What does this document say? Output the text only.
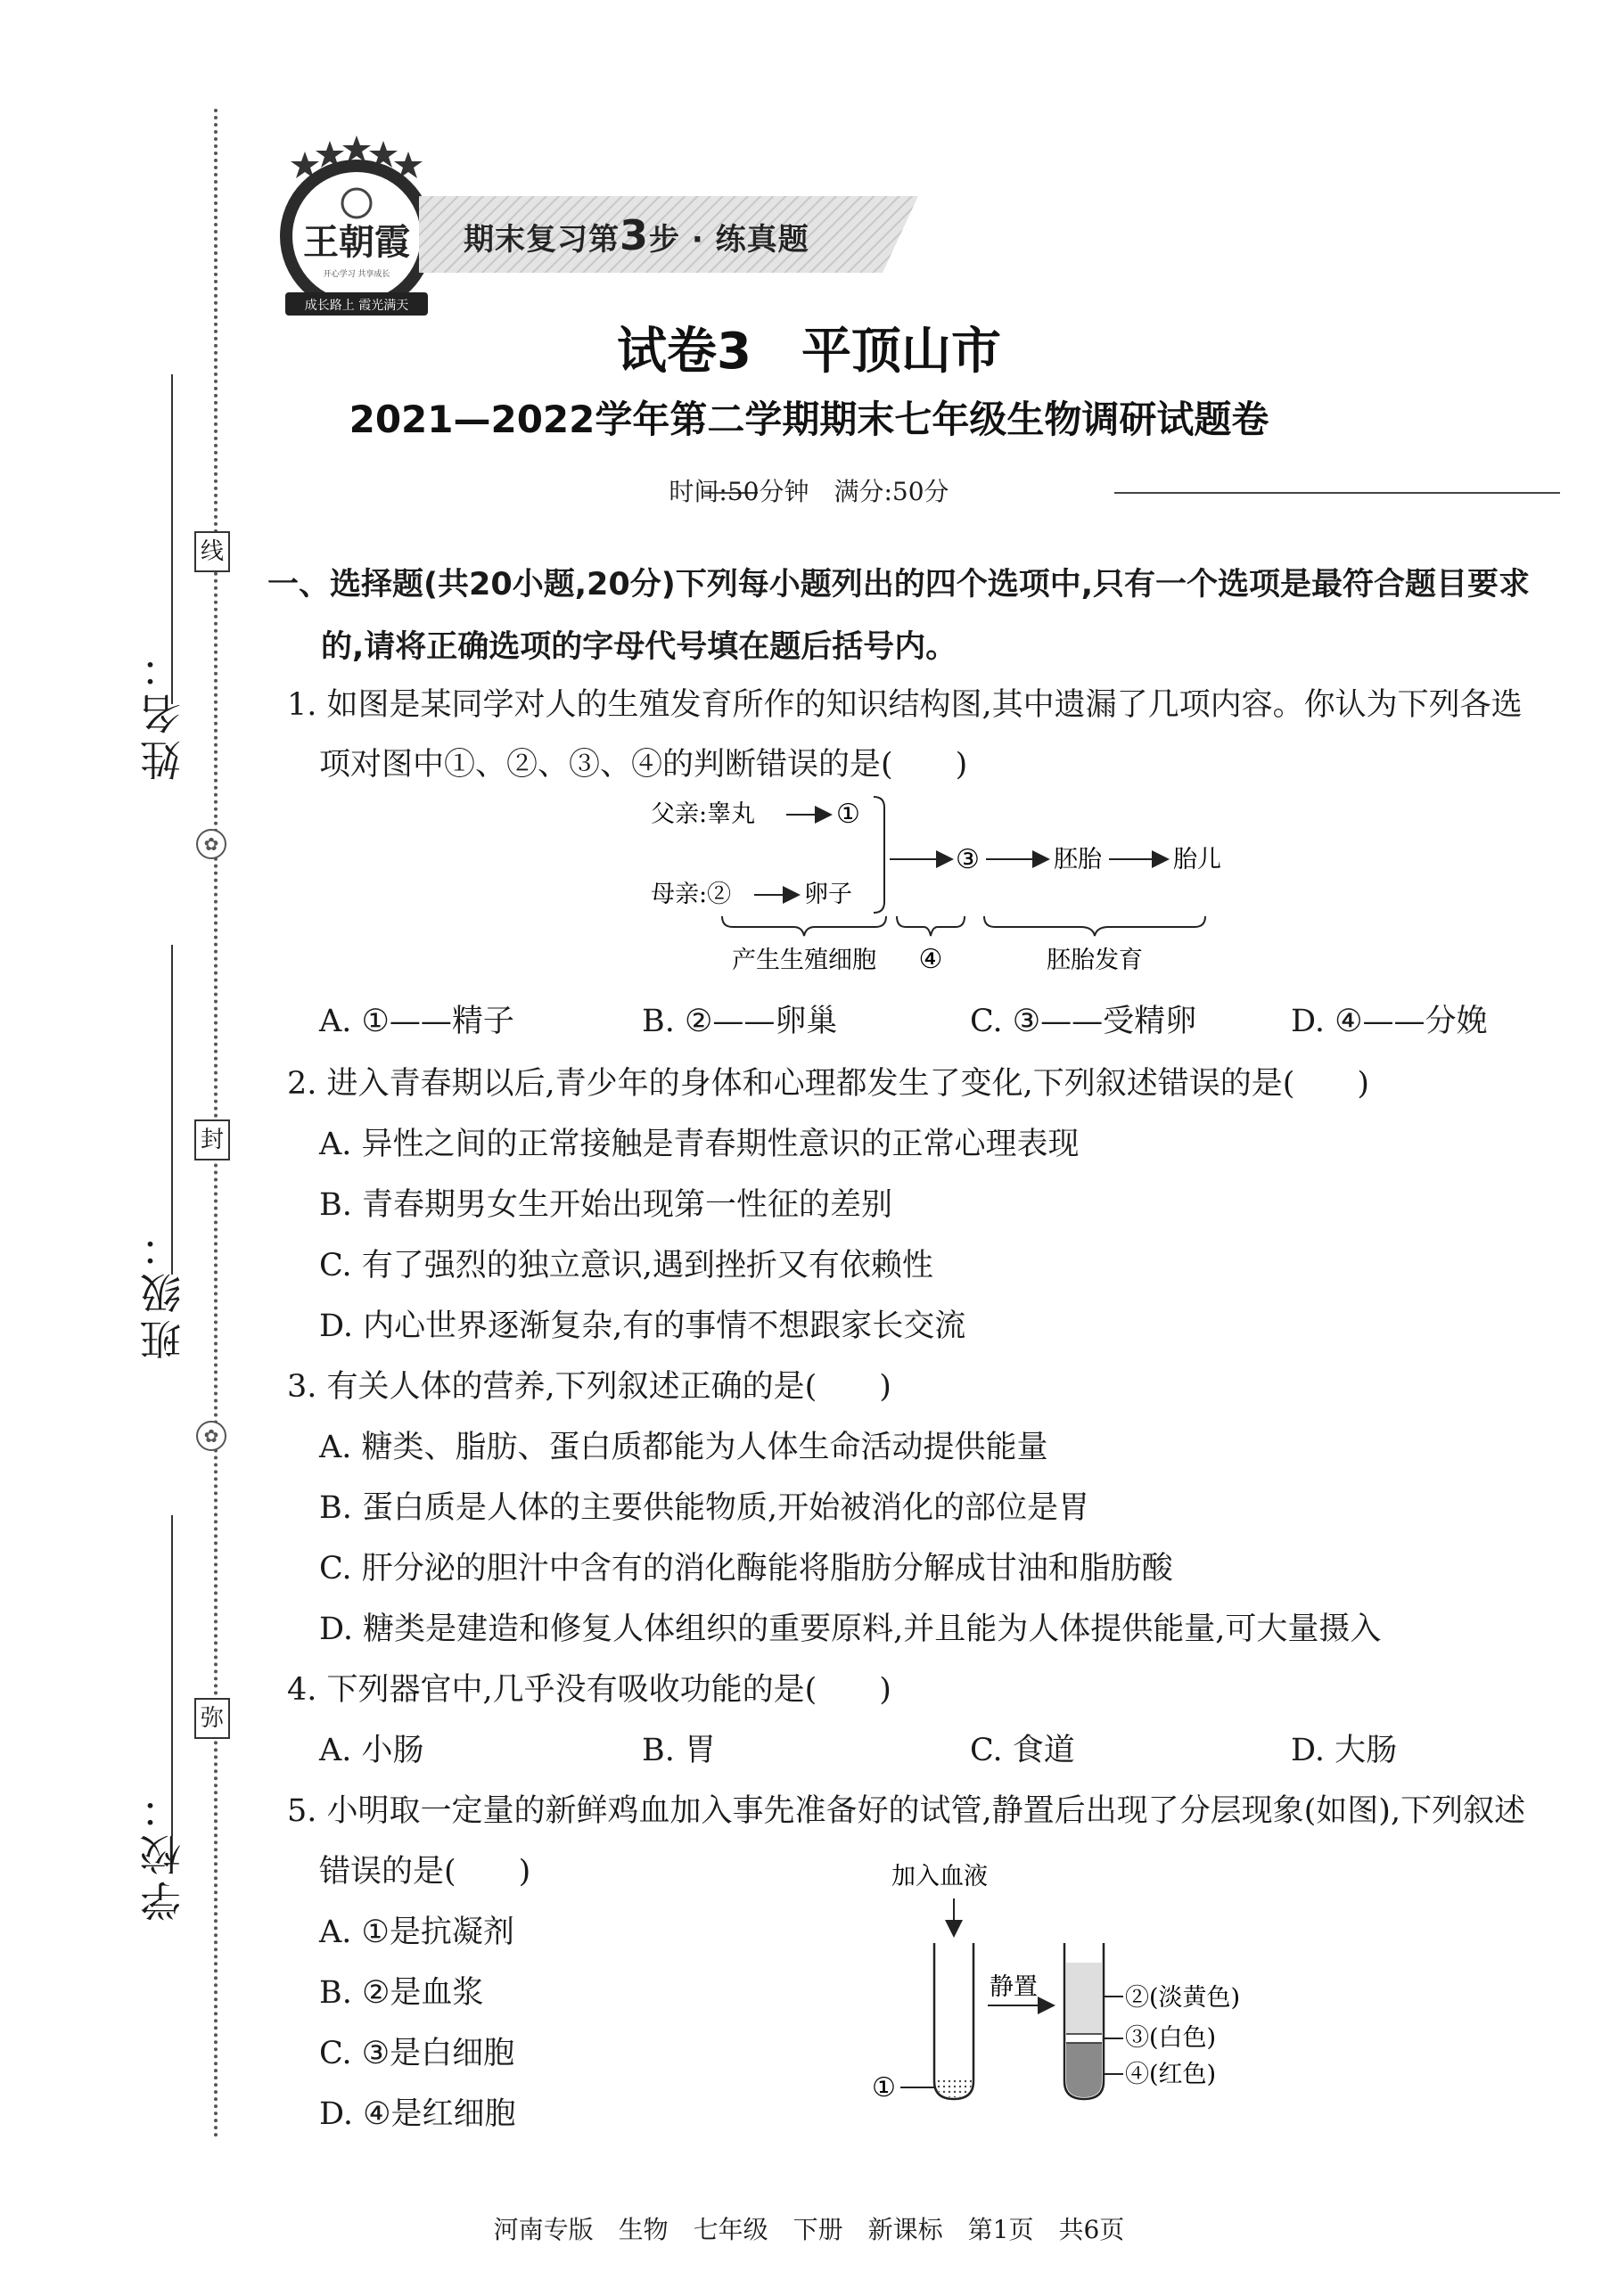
姓名：
班级：
学校：
线
封
弥
✿
✿
王朝霞
开心学习 共享成长
成长路上 霞光满天
期末复习第3步 · 练真题
试卷3　平顶山市
2021—2022学年第二学期期末七年级生物调研试题卷
时间:50分钟　满分:50分
一、选择题(共20小题,20分)下列每小题列出的四个选项中,只有一个选项是最符合题目要求
的,请将正确选项的字母代号填在题后括号内。
1. 如图是某同学对人的生殖发育所作的知识结构图,其中遗漏了几项内容。你认为下列各选
项对图中①、②、③、④的判断错误的是(　　)
父亲:睾丸	①
母亲:②	卵子
③	胚胎	胎儿
产生生殖细胞 ④	胚胎发育
A. ①——精子	B. ②——卵巢	C. ③——受精卵	D. ④——分娩
2. 进入青春期以后,青少年的身体和心理都发生了变化,下列叙述错误的是(　　)
A. 异性之间的正常接触是青春期性意识的正常心理表现
B. 青春期男女生开始出现第一性征的差别
C. 有了强烈的独立意识,遇到挫折又有依赖性
D. 内心世界逐渐复杂,有的事情不想跟家长交流
3. 有关人体的营养,下列叙述正确的是(　　)
A. 糖类、脂肪、蛋白质都能为人体生命活动提供能量
B. 蛋白质是人体的主要供能物质,开始被消化的部位是胃
C. 肝分泌的胆汁中含有的消化酶能将脂肪分解成甘油和脂肪酸
D. 糖类是建造和修复人体组织的重要原料,并且能为人体提供能量,可大量摄入
4. 下列器官中,几乎没有吸收功能的是(　　)
A. 小肠	B. 胃	C. 食道	D. 大肠
5. 小明取一定量的新鲜鸡血加入事先准备好的试管,静置后出现了分层现象(如图),下列叙述
错误的是(　　)
A. ①是抗凝剂
B. ②是血浆
C. ③是白细胞
D. ④是红细胞
加入血液
①
静置	②(淡黄色)
③(白色)
④(红色)
河南专版　生物　七年级　下册　新课标　第1页　共6页
